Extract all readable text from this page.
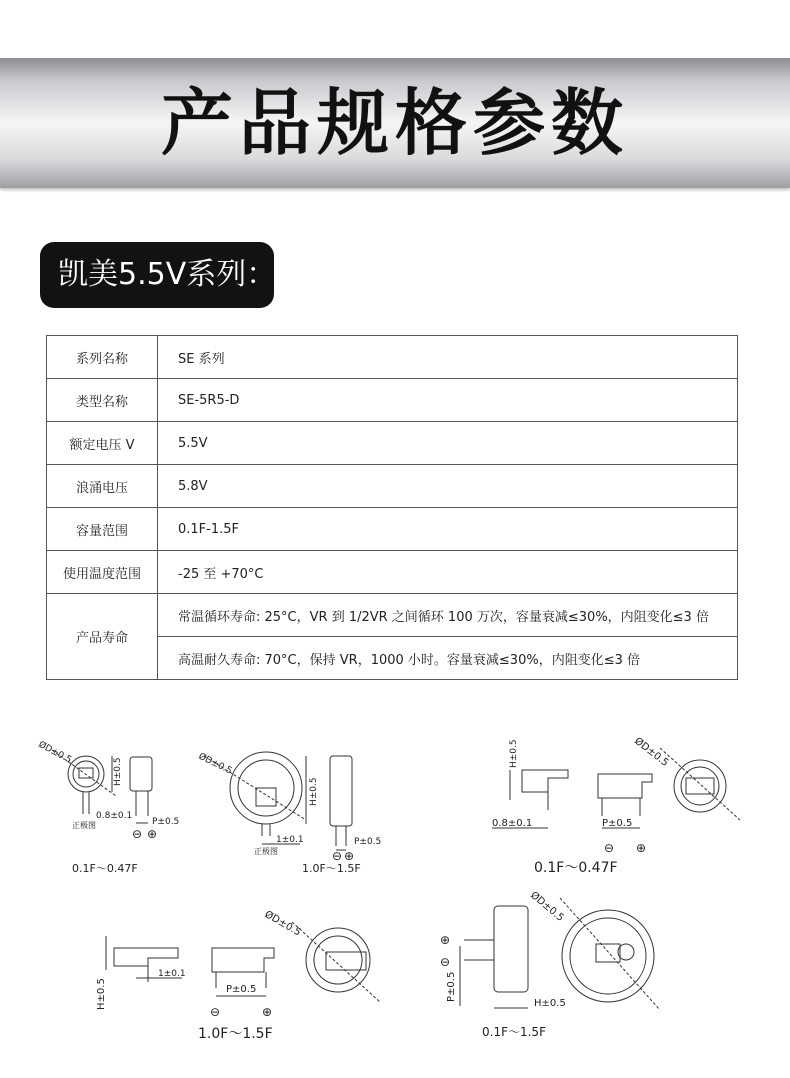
产品规格参数
凯美5.5V系列：
系列名称	SE 系列
类型名称	SE-5R5-D
额定电压 V	5.5V
浪涌电压	5.8V
容量范围	0.1F-1.5F
使用温度范围	-25 至 +70°C
产品寿命	常温循环寿命: 25°C，VR 到 1/2VR 之间循环 100 万次，容量衰减≤30%，内阻变化≤3 倍
	高温耐久寿命: 70°C，保持 VR，1000 小时。容量衰减≤30%，内阻变化≤3 倍
ØD±0.5
H±0.5
0.8±0.1
正极图	P±0.5
ØD±0.5
H±0.5
1±0.1
正极图
P±0.5
H±0.5
0.8±0.1	P±0.5
ØD±0.5
H±0.5
1±0.1
P±0.5
ØD±0.5
P±0.5
H±0.5
ØD±0.5
⊖ ⊕
⊖ ⊕
⊖ ⊕
⊖	⊕
⊕
⊖
0.1F～0.47F	1.0F～1.5F	0.1F～0.47F
1.0F～1.5F	0.1F～1.5F
